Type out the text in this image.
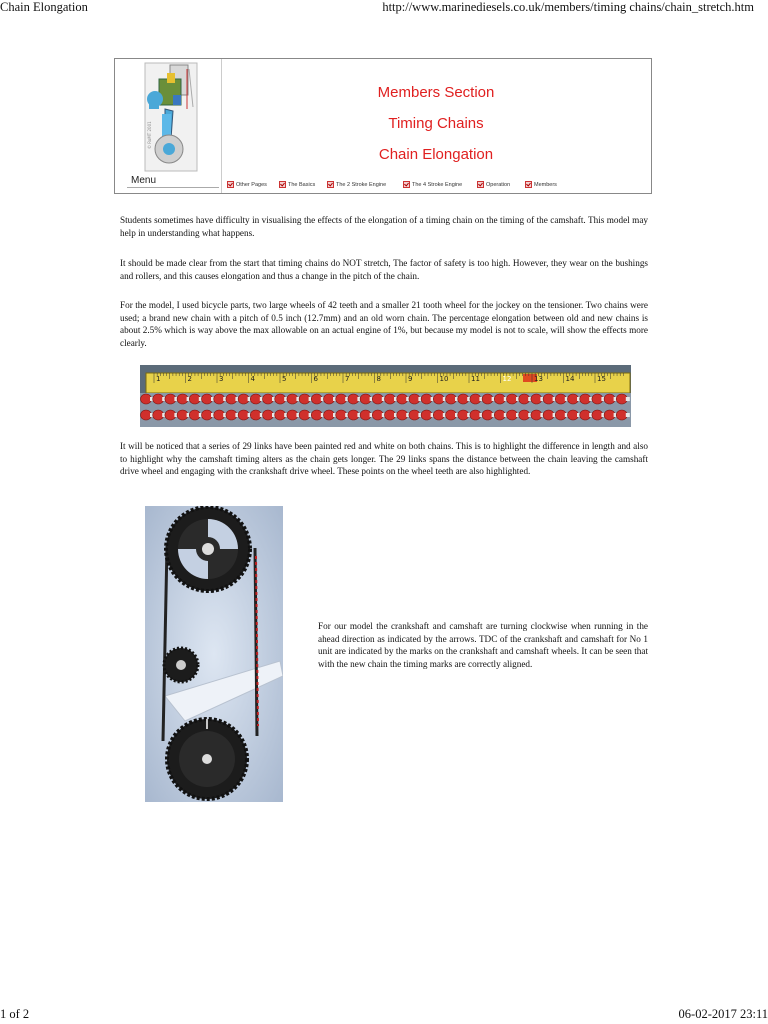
Chain Elongation	http://www.marinediesels.co.uk/members/timing chains/chain_stretch.htm
© RoMT 2001
Menu
Members Section
Timing Chains
Chain Elongation
Other Pages	The Basics	The 2 Stroke Engine	The 4 Stroke Engine	Operation	Members

Students sometimes have difficulty in visualising the effects of the elongation of a timing chain on the timing of the camshaft. This model may help in understanding what happens.

It should be made clear from the start that timing chains do NOT stretch, The factor of safety is too high. However, they wear on the bushings and rollers, and this causes elongation and thus a change in the pitch of the chain.

For the model, I used bicycle parts, two large wheels of 42 teeth and a smaller 21 tooth wheel for the jockey on the tensioner. Two chains were used; a brand new chain with a pitch of 0.5 inch (12.7mm) and an old worn chain. The percentage elongation between old and new chains is about 2.5% which is way above the max allowable on an actual engine of 1%, but because my model is not to scale, will show the effects more clearly.

1	2	3	4	5	6	7	8	9	10	11	12	13	14	15

It will be noticed that a series of 29 links have been painted red and white on both chains. This is to highlight the difference in length and also to highlight why the camshaft timing alters as the chain gets longer. The 29 links spans the distance between the chain leaving the camshaft drive wheel and engaging with the crankshaft drive wheel. These points on the wheel teeth are also highlighted.

For our model the crankshaft and camshaft are turning clockwise when running in the ahead direction as indicated by the arrows. TDC of the crankshaft and camshaft for No 1 unit are indicated by the marks on the crankshaft and camshaft wheels. It can be seen that with the new chain the timing marks are correctly aligned.

1 of 2	06-02-2017 23:11
